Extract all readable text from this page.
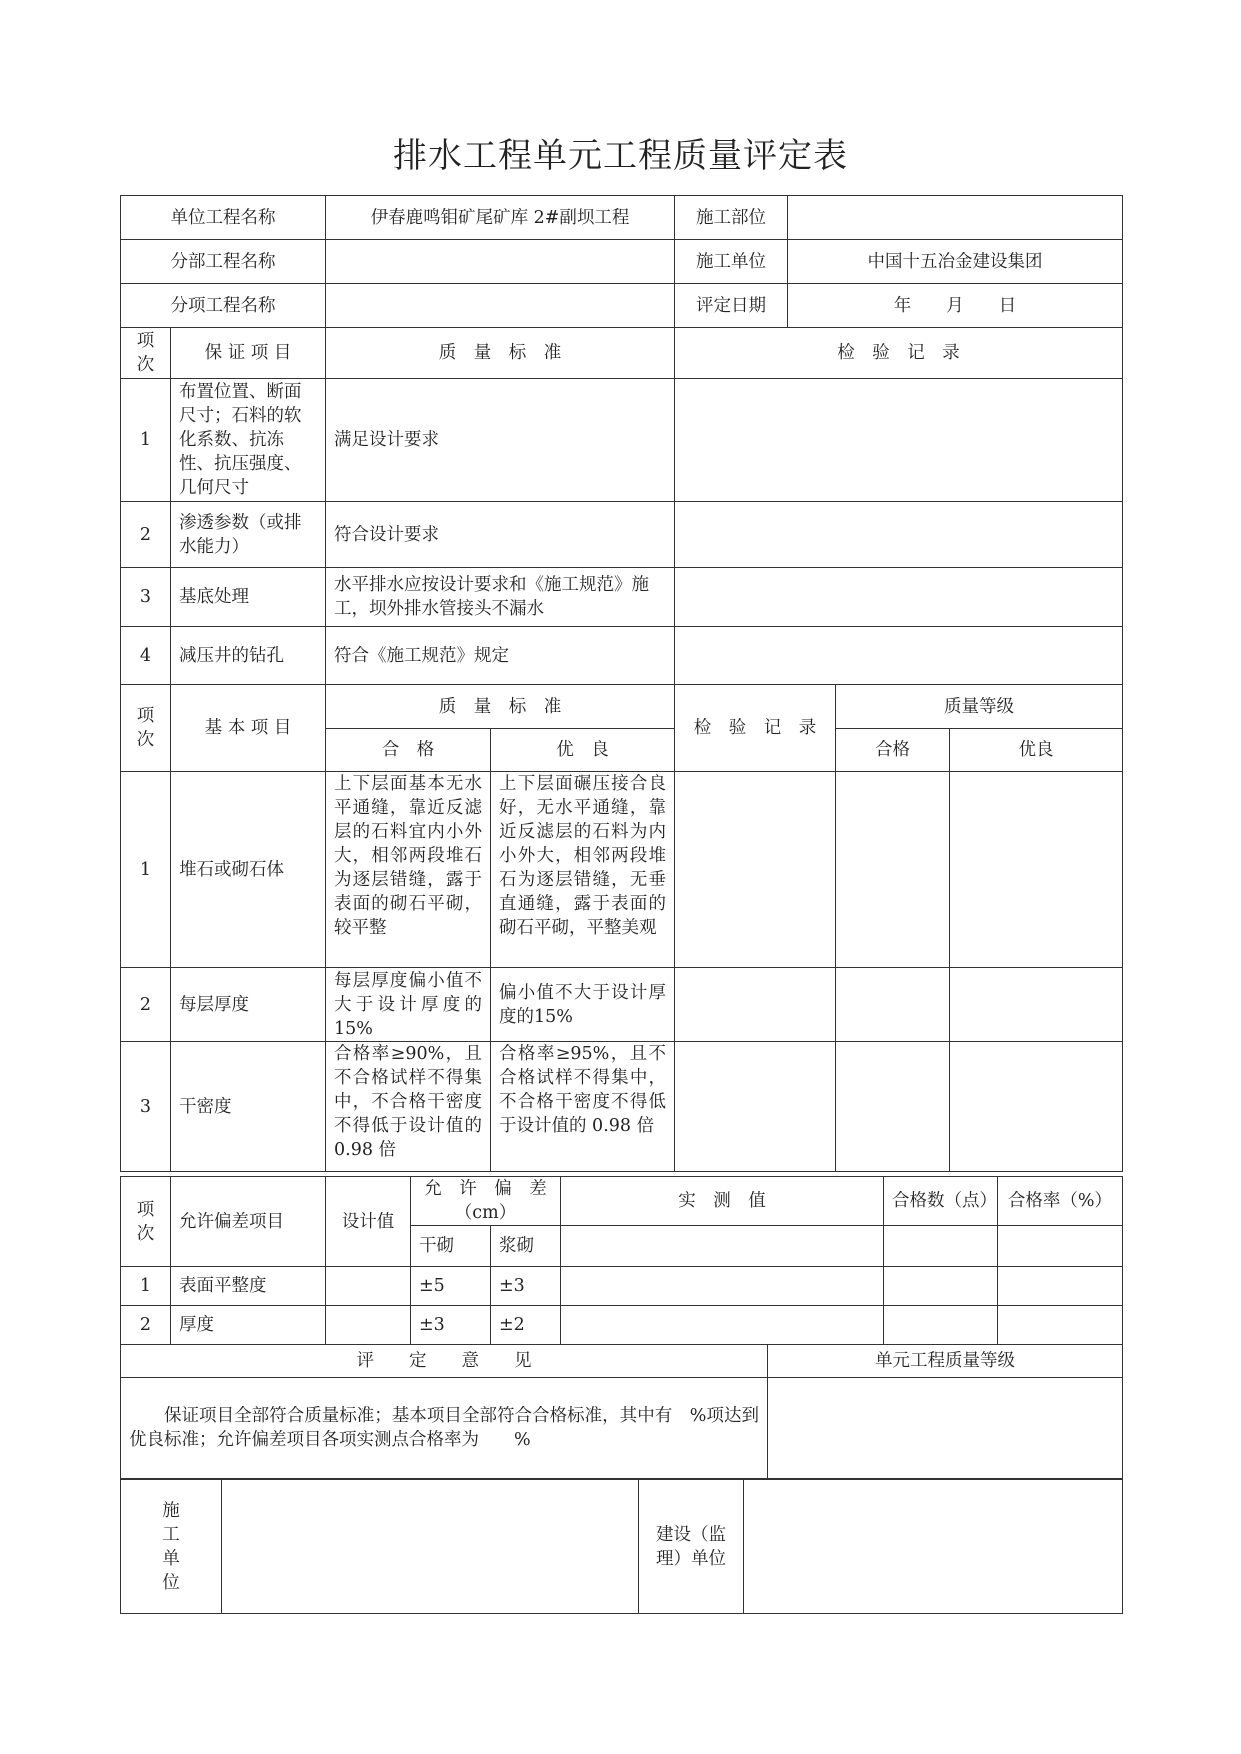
排水工程单元工程质量评定表
单位工程名称		伊春鹿鸣钼矿尾矿库 2#副坝工程		施工部位			
分部工程名称				施工单位	中国十五冶金建设集团		
分项工程名称				评定日期	年　　月　　日		
项次	保 证 项 目	质　量　标　准		检　验　记　录			
1	布置位置、断面尺寸；石料的软化系数、抗冻性、抗压强度、几何尺寸	满足设计要求					
2	渗透参数（或排水能力）	符合设计要求					
3	基底处理	水平排水应按设计要求和《施工规范》施工，坝外排水管接头不漏水					
4	减压井的钻孔	符合《施工规范》规定					
项次	基 本 项 目	质　量　标　准		检　验　记　录		质量等级	
		合　格	优　良			合格	优良
1	堆石或砌石体	上下层面基本无水平通缝，靠近反滤层的石料宜内小外大，相邻两段堆石为逐层错缝，露于表面的砌石平砌，较平整	上下层面碾压接合良好，无水平通缝，靠近反滤层的石料为内小外大，相邻两段堆石为逐层错缝，无垂直通缝，露于表面的砌石平砌，平整美观				
2	每层厚度	每层厚度偏小值不大于设计厚度的15%	偏小值不大于设计厚度的15%				
3	干密度	合格率≥90%，且不合格试样不得集中，不合格干密度不得低于设计值的 0.98 倍	合格率≥95%，且不合格试样不得集中，不合格干密度不得低于设计值的 0.98 倍				
项次	允许偏差项目	设计值	允　许　偏　差（cm）		实　测　值	合格数（点）	合格率（%）
			干砌	浆砌			
1	表面平整度		±5	±3			
2	厚度		±3	±2			
评　　定　　意　　见	单元工程质量等级
保证项目全部符合质量标准；基本项目全部符合合格标准，其中有　%项达到优良标准；允许偏差项目各项实测点合格率为　　%	
施工单位		建设（监理）单位	
